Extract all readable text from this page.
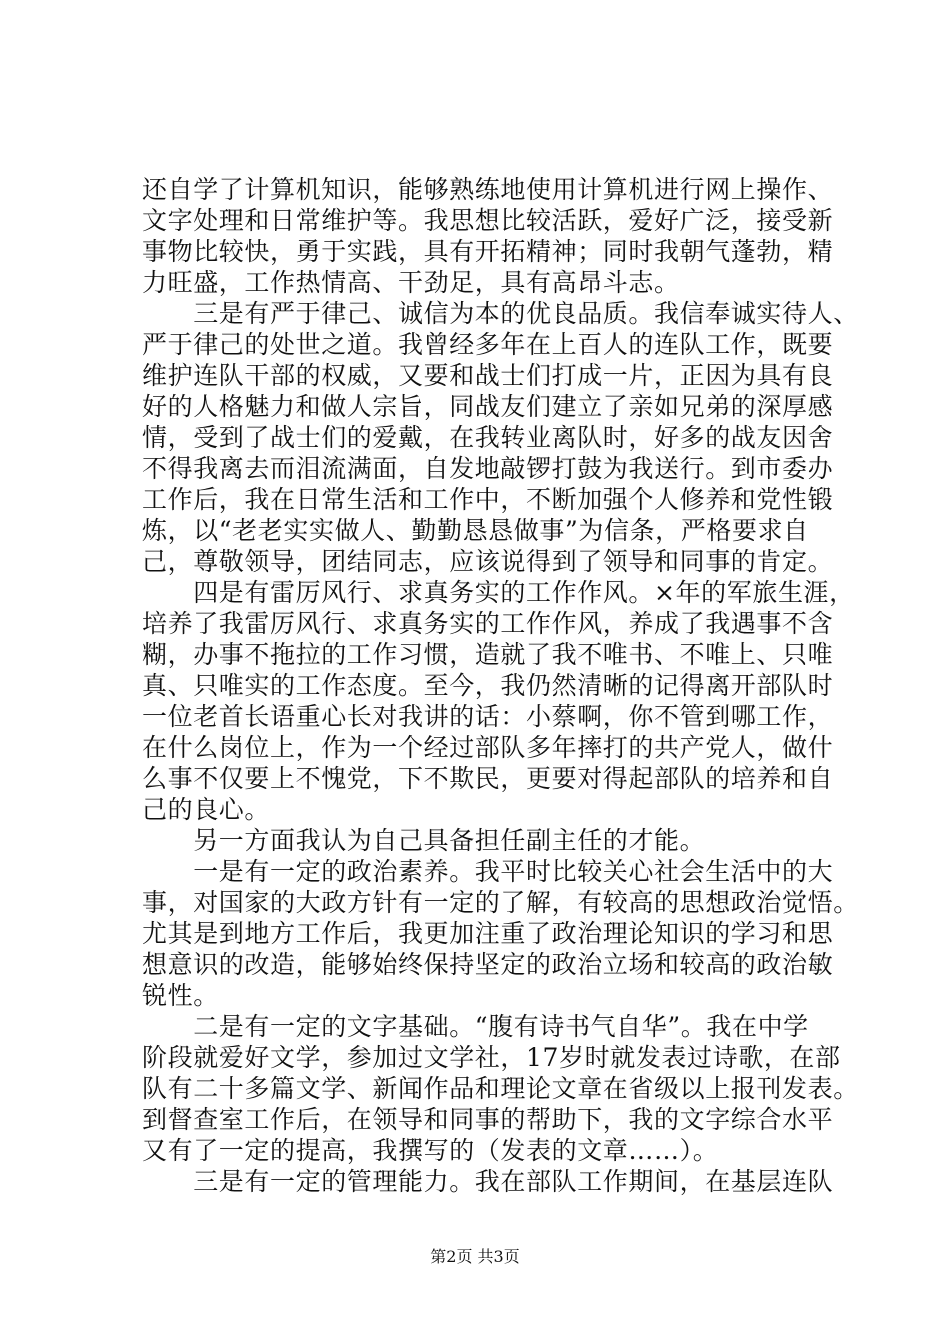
还自学了计算机知识，能够熟练地使用计算机进行网上操作、
文字处理和日常维护等。我思想比较活跃，爱好广泛，接受新
事物比较快，勇于实践，具有开拓精神；同时我朝气蓬勃，精
力旺盛，工作热情高、干劲足，具有高昂斗志。
　　三是有严于律己、诚信为本的优良品质。我信奉诚实待人、
严于律己的处世之道。我曾经多年在上百人的连队工作，既要
维护连队干部的权威，又要和战士们打成一片，正因为具有良
好的人格魅力和做人宗旨，同战友们建立了亲如兄弟的深厚感
情，受到了战士们的爱戴，在我转业离队时，好多的战友因舍
不得我离去而泪流满面，自发地敲锣打鼓为我送行。到市委办
工作后，我在日常生活和工作中，不断加强个人修养和党性锻
炼，以“老老实实做人、勤勤恳恳做事”为信条，严格要求自
己，尊敬领导，团结同志，应该说得到了领导和同事的肯定。
　　四是有雷厉风行、求真务实的工作作风。×年的军旅生涯，
培养了我雷厉风行、求真务实的工作作风，养成了我遇事不含
糊，办事不拖拉的工作习惯，造就了我不唯书、不唯上、只唯
真、只唯实的工作态度。至今，我仍然清晰的记得离开部队时
一位老首长语重心长对我讲的话：小蔡啊，你不管到哪工作，
在什么岗位上，作为一个经过部队多年摔打的共产党人，做什
么事不仅要上不愧党，下不欺民，更要对得起部队的培养和自
己的良心。
　　另一方面我认为自己具备担任副主任的才能。
　　一是有一定的政治素养。我平时比较关心社会生活中的大
事，对国家的大政方针有一定的了解，有较高的思想政治觉悟。
尤其是到地方工作后，我更加注重了政治理论知识的学习和思
想意识的改造，能够始终保持坚定的政治立场和较高的政治敏
锐性。
　　二是有一定的文字基础。“腹有诗书气自华”。我在中学
阶段就爱好文学，参加过文学社，17岁时就发表过诗歌，在部
队有二十多篇文学、新闻作品和理论文章在省级以上报刊发表。
到督查室工作后，在领导和同事的帮助下，我的文字综合水平
又有了一定的提高，我撰写的（发表的文章……）。
　　三是有一定的管理能力。我在部队工作期间，在基层连队
第2页 共3页
